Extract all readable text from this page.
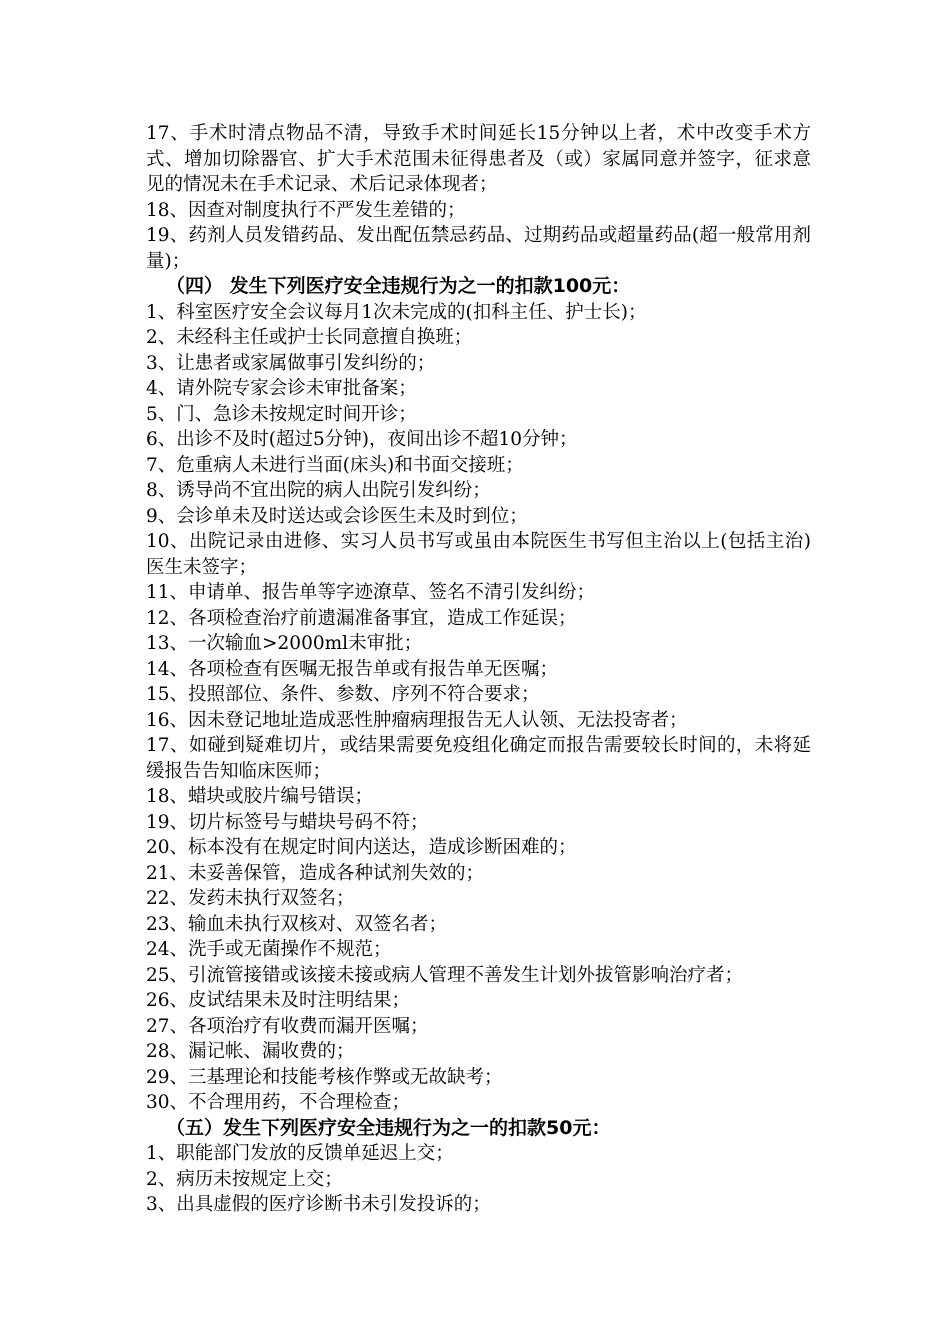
17、手术时清点物品不清，导致手术时间延长15分钟以上者，术中改变手术方式、增加切除器官、扩大手术范围未征得患者及（或）家属同意并签字，征求意见的情况未在手术记录、术后记录体现者；
18、因查对制度执行不严发生差错的；
19、药剂人员发错药品、发出配伍禁忌药品、过期药品或超量药品(超一般常用剂量)；
（四） 发生下列医疗安全违规行为之一的扣款100元：
1、科室医疗安全会议每月1次未完成的(扣科主任、护士长)；
2、未经科主任或护士长同意擅自换班；
3、让患者或家属做事引发纠纷的；
4、请外院专家会诊未审批备案；
5、门、急诊未按规定时间开诊；
6、出诊不及时(超过5分钟)，夜间出诊不超10分钟；
7、危重病人未进行当面(床头)和书面交接班；
8、诱导尚不宜出院的病人出院引发纠纷；
9、会诊单未及时送达或会诊医生未及时到位；
10、出院记录由进修、实习人员书写或虽由本院医生书写但主治以上(包括主治)医生未签字；
11、申请单、报告单等字迹潦草、签名不清引发纠纷；
12、各项检查治疗前遗漏准备事宜，造成工作延误；
13、一次输血>2000ml未审批；
14、各项检查有医嘱无报告单或有报告单无医嘱；
15、投照部位、条件、参数、序列不符合要求；
16、因未登记地址造成恶性肿瘤病理报告无人认领、无法投寄者；
17、如碰到疑难切片，或结果需要免疫组化确定而报告需要较长时间的，未将延缓报告告知临床医师；
18、蜡块或胶片编号错误；
19、切片标签号与蜡块号码不符；
20、标本没有在规定时间内送达，造成诊断困难的；
21、未妥善保管，造成各种试剂失效的；
22、发药未执行双签名；
23、输血未执行双核对、双签名者；
24、洗手或无菌操作不规范；
25、引流管接错或该接未接或病人管理不善发生计划外拔管影响治疗者；
26、皮试结果未及时注明结果；
27、各项治疗有收费而漏开医嘱；
28、漏记帐、漏收费的；
29、三基理论和技能考核作弊或无故缺考；
30、不合理用药，不合理检查；
（五）发生下列医疗安全违规行为之一的扣款50元：
1、职能部门发放的反馈单延迟上交；
2、病历未按规定上交；
3、出具虚假的医疗诊断书未引发投诉的；
